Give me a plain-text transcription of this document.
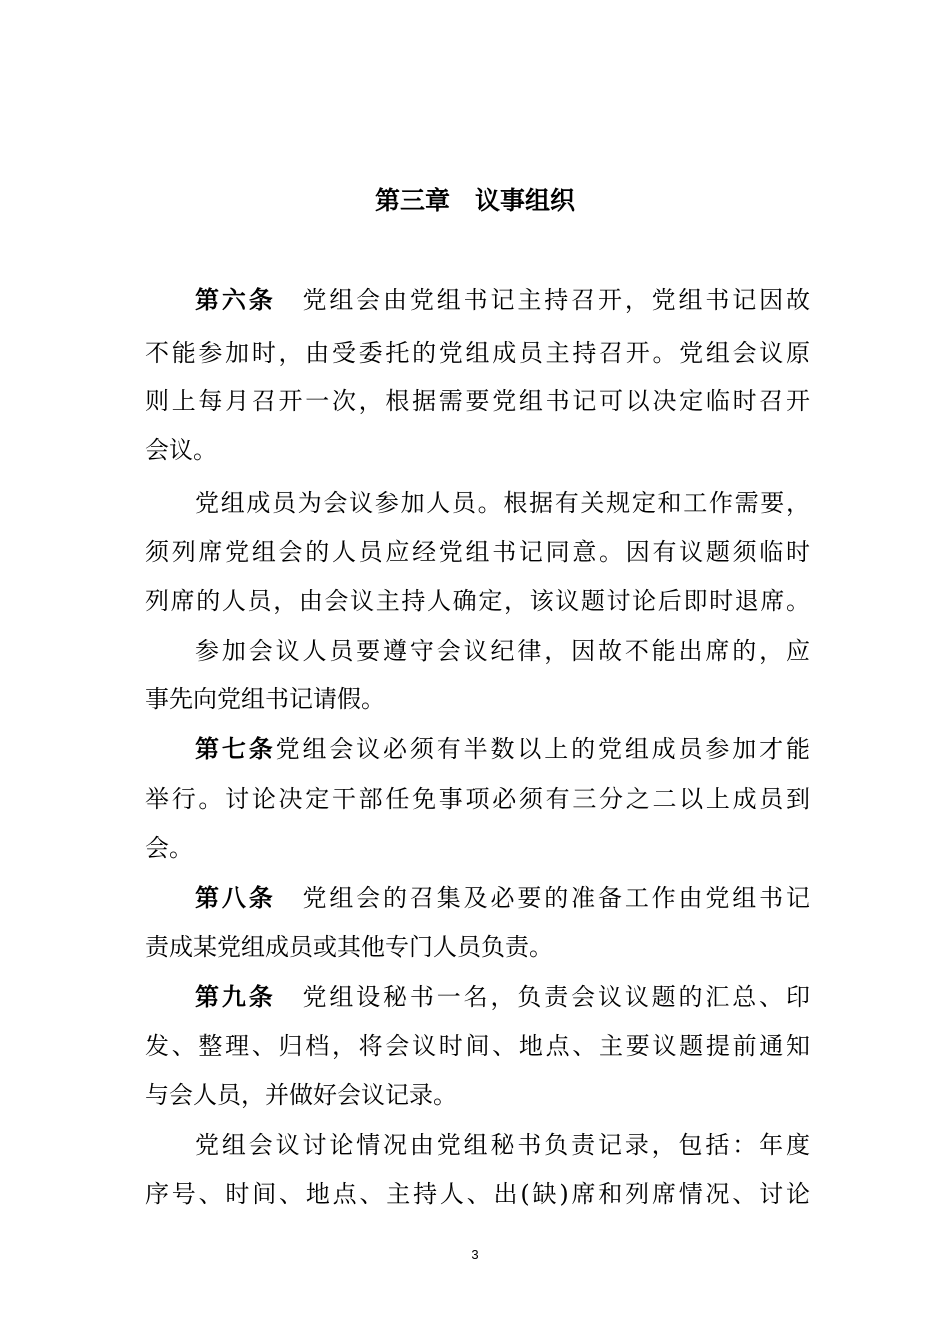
第三章　议事组织
第六条　党组会由党组书记主持召开，党组书记因故
不能参加时，由受委托的党组成员主持召开。党组会议原
则上每月召开一次，根据需要党组书记可以决定临时召开
会议。
党组成员为会议参加人员。根据有关规定和工作需要，
须列席党组会的人员应经党组书记同意。因有议题须临时
列席的人员，由会议主持人确定，该议题讨论后即时退席。
参加会议人员要遵守会议纪律，因故不能出席的，应
事先向党组书记请假。
第七条党组会议必须有半数以上的党组成员参加才能
举行。讨论决定干部任免事项必须有三分之二以上成员到
会。
第八条　党组会的召集及必要的准备工作由党组书记
责成某党组成员或其他专门人员负责。
第九条　党组设秘书一名，负责会议议题的汇总、印
发、整理、归档，将会议时间、地点、主要议题提前通知
与会人员，并做好会议记录。
党组会议讨论情况由党组秘书负责记录，包括：年度
序号、时间、地点、主持人、出(缺)席和列席情况、讨论
3
